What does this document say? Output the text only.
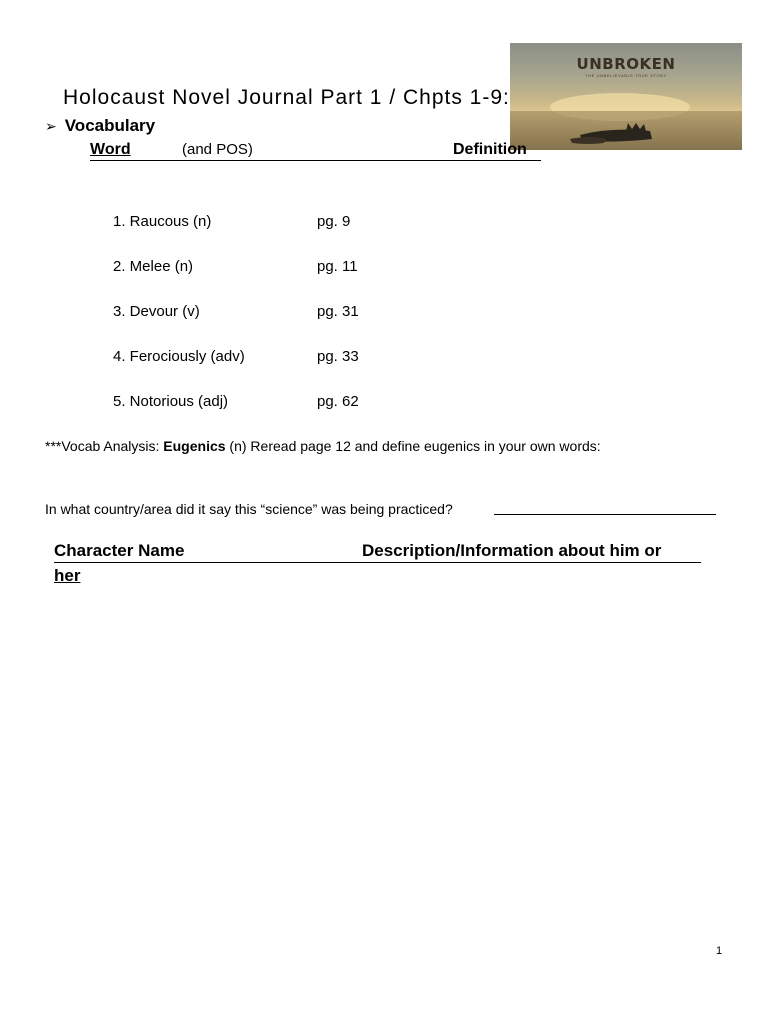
UNBROKEN
THE UNBELIEVABLE TRUE STORY
Holocaust Novel Journal Part 1 / Chpts 1-9:
➢ Vocabulary
Word	(and POS)	Definition
1. Raucous (n)	pg. 9
2. Melee (n)	pg. 11
3. Devour (v)	pg. 31
4. Ferociously (adv)	pg. 33
5. Notorious (adj)	pg. 62
***Vocab Analysis: Eugenics (n) Reread page 12 and define eugenics in your own words:
In what country/area did it say this “science” was being practiced?
Character Name	Description/Information about him or
her
1
